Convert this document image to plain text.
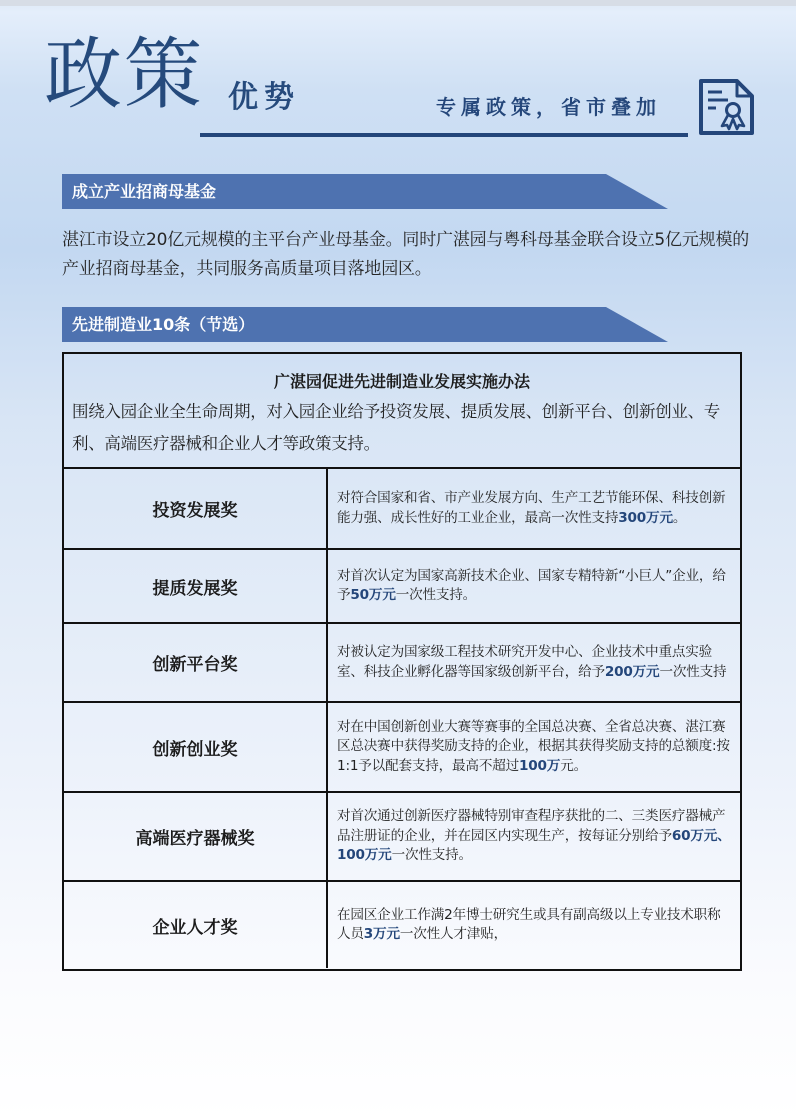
政策 优势	专属政策，省市叠加
成立产业招商母基金
湛江市设立20亿元规模的主平台产业母基金。同时广湛园与粤科母基金联合设立5亿元规模的产业招商母基金，共同服务高质量项目落地园区。
先进制造业10条（节选）
广湛园促进先进制造业发展实施办法
围绕入园企业全生命周期，对入园企业给予投资发展、提质发展、创新平台、创新创业、专利、高端医疗器械和企业人才等政策支持。
投资发展奖
对符合国家和省、市产业发展方向、生产工艺节能环保、科技创新能力强、成长性好的工业企业，最高一次性支持300万元。
提质发展奖
对首次认定为国家高新技术企业、国家专精特新“小巨人”企业，给予50万元一次性支持。
创新平台奖
对被认定为国家级工程技术研究开发中心、企业技术中重点实验室、科技企业孵化器等国家级创新平台，给予200万元一次性支持
创新创业奖
对在中国创新创业大赛等赛事的全国总决赛、全省总决赛、湛江赛区总决赛中获得奖励支持的企业，根据其获得奖励支持的总额度:按1:1予以配套支持，最高不超过100万元。
高端医疗器械奖
对首次通过创新医疗器械特别审查程序获批的二、三类医疗器械产品注册证的企业，并在园区内实现生产，按每证分别给予60万元、100万元一次性支持。
企业人才奖
在园区企业工作满2年博士研究生或具有副高级以上专业技术职称人员3万元一次性人才津贴，
